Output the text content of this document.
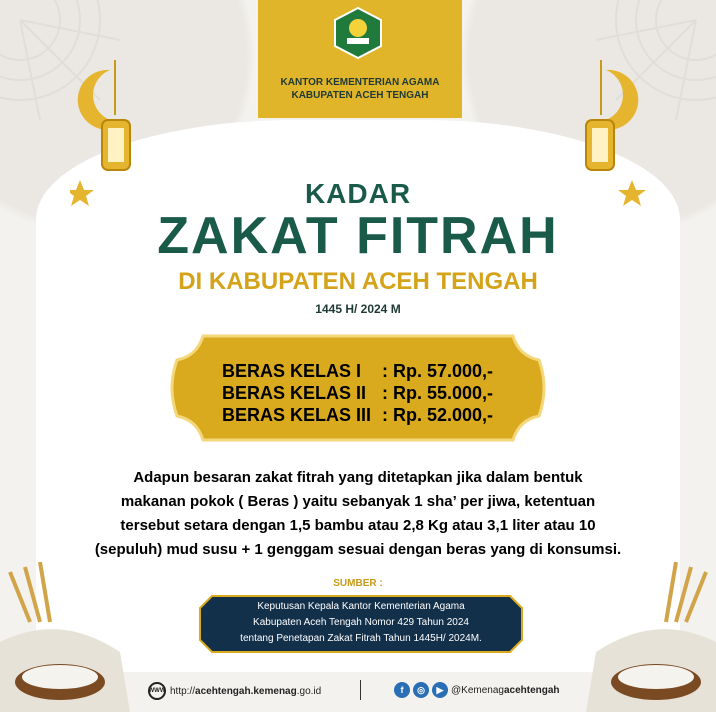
KANTOR KEMENTERIAN AGAMA
KABUPATEN ACEH TENGAH
KADAR
ZAKAT FITRAH
DI KABUPATEN ACEH TENGAH
1445 H/ 2024 M
BERAS KELAS I	: Rp. 57.000,-
BERAS KELAS II : Rp. 55.000,-
BERAS KELAS III : Rp. 52.000,-
Adapun besaran zakat fitrah yang ditetapkan jika dalam bentuk
makanan pokok ( Beras ) yaitu sebanyak 1 sha’ per jiwa, ketentuan
tersebut setara dengan 1,5 bambu atau 2,8 Kg atau 3,1 liter atau 10
(sepuluh) mud susu + 1 genggam sesuai dengan beras yang di konsumsi.
SUMBER :
Keputusan Kepala Kantor Kementerian Agama
Kabupaten Aceh Tengah Nomor 429 Tahun 2024
tentang Penetapan Zakat Fitrah Tahun 1445H/ 2024M.
WWW http://acehtengah.kemenag.go.id	f	◎	▶ @Kemenagacehtengah
